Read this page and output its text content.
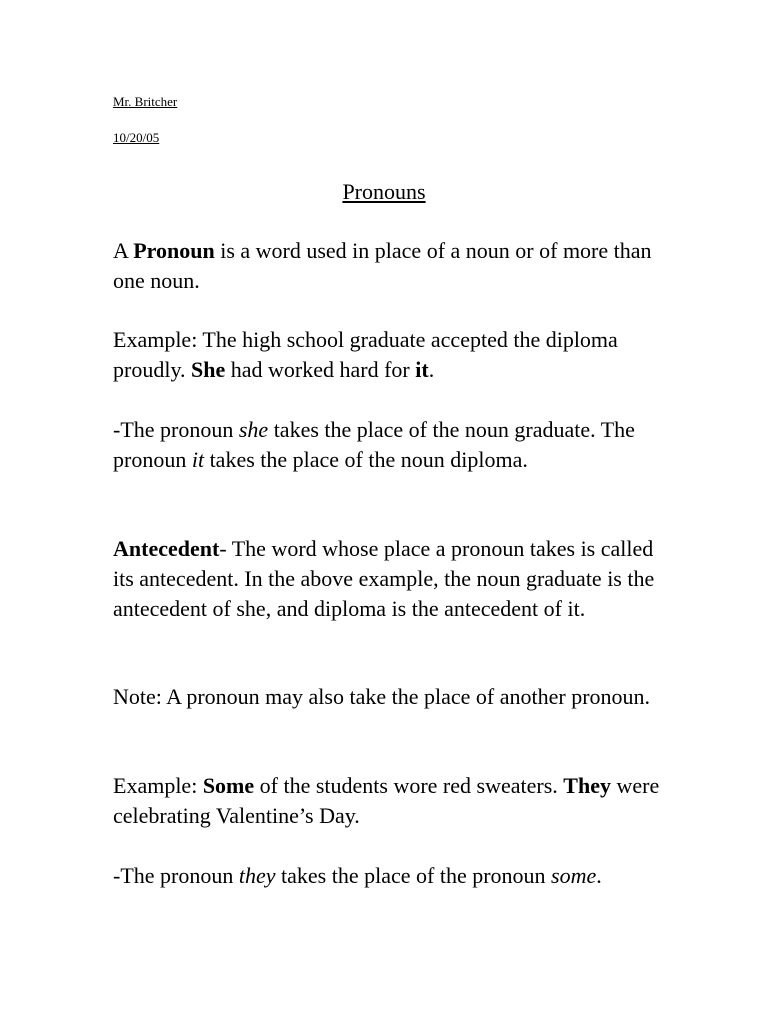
Mr. Britcher
10/20/05
Pronouns

A Pronoun is a word used in place of a noun or of more than one noun.

Example: The high school graduate accepted the diploma proudly. She had worked hard for it.

-The pronoun she takes the place of the noun graduate. The pronoun it takes the place of the noun diploma.

Antecedent- The word whose place a pronoun takes is called its antecedent. In the above example, the noun graduate is the antecedent of she, and diploma is the antecedent of it.

Note: A pronoun may also take the place of another pronoun.

Example: Some of the students wore red sweaters. They were celebrating Valentine’s Day.

-The pronoun they takes the place of the pronoun some.
